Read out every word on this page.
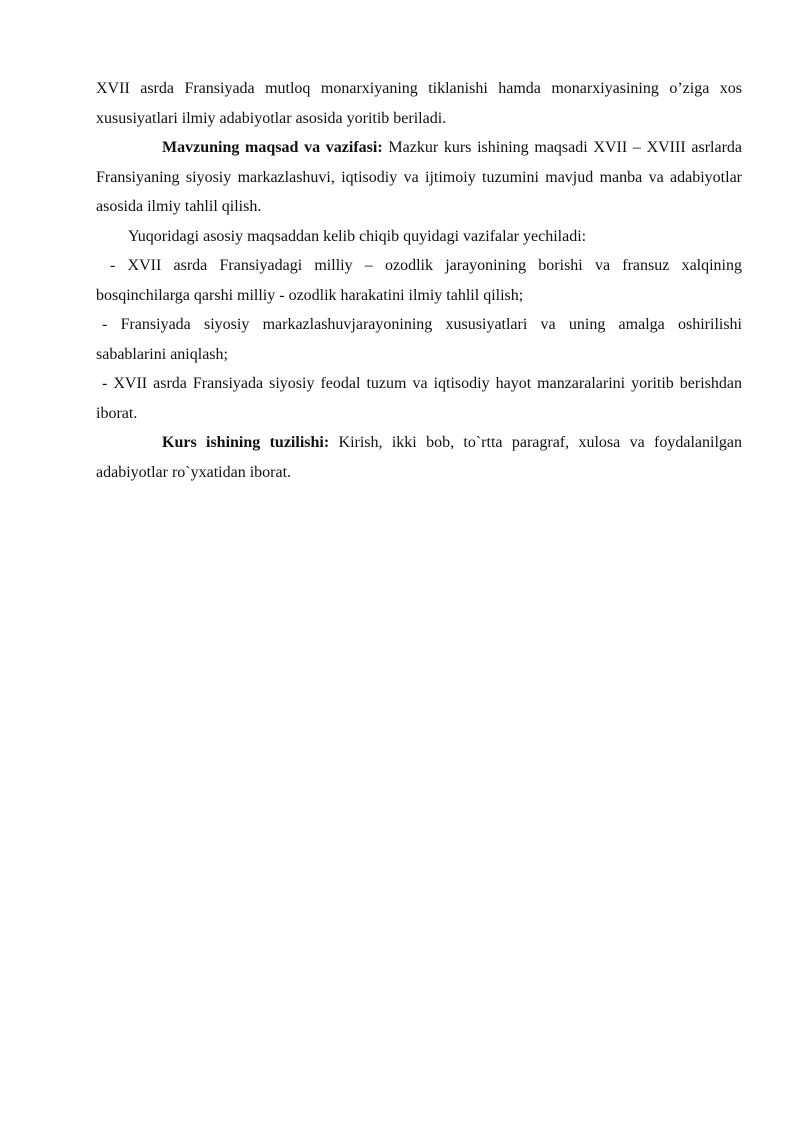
XVII asrda Fransiyada mutloq monarxiyaning tiklanishi hamda monarxiyasining o’ziga xos xususiyatlari ilmiy adabiyotlar asosida yoritib beriladi.

Mavzuning maqsad va vazifasi: Mazkur kurs ishining maqsadi XVII – XVIII asrlarda Fransiyaning siyosiy markazlashuvi, iqtisodiy va ijtimoiy tuzumini mavjud manba va adabiyotlar asosida ilmiy tahlil qilish.

Yuqoridagi asosiy maqsaddan kelib chiqib quyidagi vazifalar yechiladi:

- XVII asrda Fransiyadagi milliy – ozodlik jarayonining borishi va fransuz xalqining bosqinchilarga qarshi milliy - ozodlik harakatini ilmiy tahlil qilish;

- Fransiyada siyosiy markazlashuvjarayonining xususiyatlari va uning amalga oshirilishi sabablarini aniqlash;

- XVII asrda Fransiyada siyosiy feodal tuzum va iqtisodiy hayot manzaralarini yoritib berishdan iborat.

Kurs ishining tuzilishi: Kirish, ikki bob, to`rtta paragraf, xulosa va foydalanilgan adabiyotlar ro`yxatidan iborat.
